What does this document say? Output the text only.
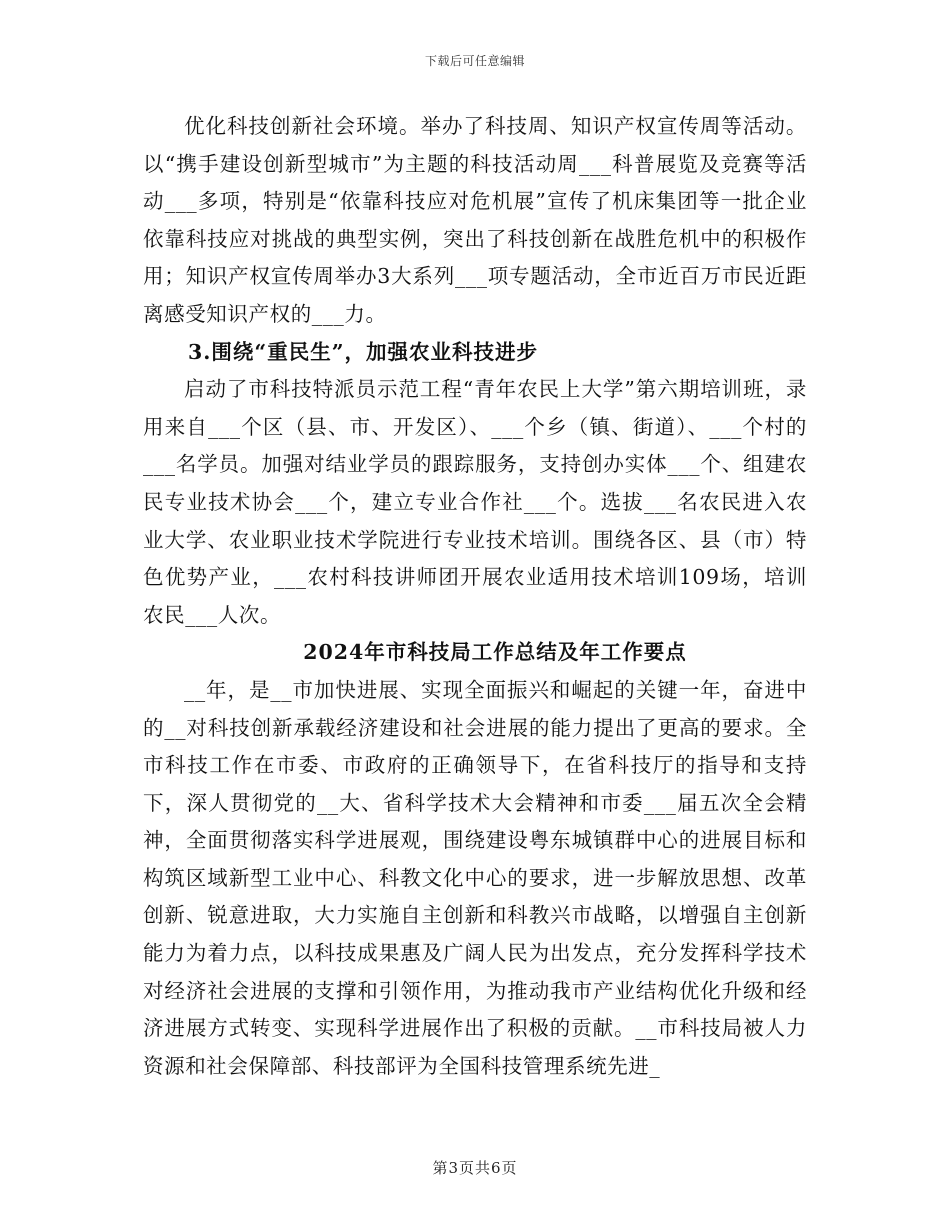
下载后可任意编辑

优化科技创新社会环境。举办了科技周、知识产权宣传周等活动。以“携手建设创新型城市”为主题的科技活动周___科普展览及竞赛等活动___多项，特别是“依靠科技应对危机展”宣传了机床集团等一批企业依靠科技应对挑战的典型实例，突出了科技创新在战胜危机中的积极作用；知识产权宣传周举办3大系列___项专题活动，全市近百万市民近距离感受知识产权的___力。

3.围绕“重民生”，加强农业科技进步

启动了市科技特派员示范工程“青年农民上大学”第六期培训班，录用来自___个区（县、市、开发区）、___个乡（镇、街道）、___个村的___名学员。加强对结业学员的跟踪服务，支持创办实体___个、组建农民专业技术协会___个，建立专业合作社___个。选拔___名农民进入农业大学、农业职业技术学院进行专业技术培训。围绕各区、县（市）特色优势产业，___农村科技讲师团开展农业适用技术培训109场，培训农民___人次。

2024年市科技局工作总结及年工作要点

__年，是__市加快进展、实现全面振兴和崛起的关键一年，奋进中的__对科技创新承载经济建设和社会进展的能力提出了更高的要求。全市科技工作在市委、市政府的正确领导下，在省科技厅的指导和支持下，深人贯彻党的__大、省科学技术大会精神和市委___届五次全会精神，全面贯彻落实科学进展观，围绕建设粤东城镇群中心的进展目标和构筑区域新型工业中心、科教文化中心的要求，进一步解放思想、改革创新、锐意进取，大力实施自主创新和科教兴市战略，以增强自主创新能力为着力点，以科技成果惠及广阔人民为出发点，充分发挥科学技术对经济社会进展的支撑和引领作用，为推动我市产业结构优化升级和经济进展方式转变、实现科学进展作出了积极的贡献。__市科技局被人力资源和社会保障部、科技部评为全国科技管理系统先进_

第3页共6页
